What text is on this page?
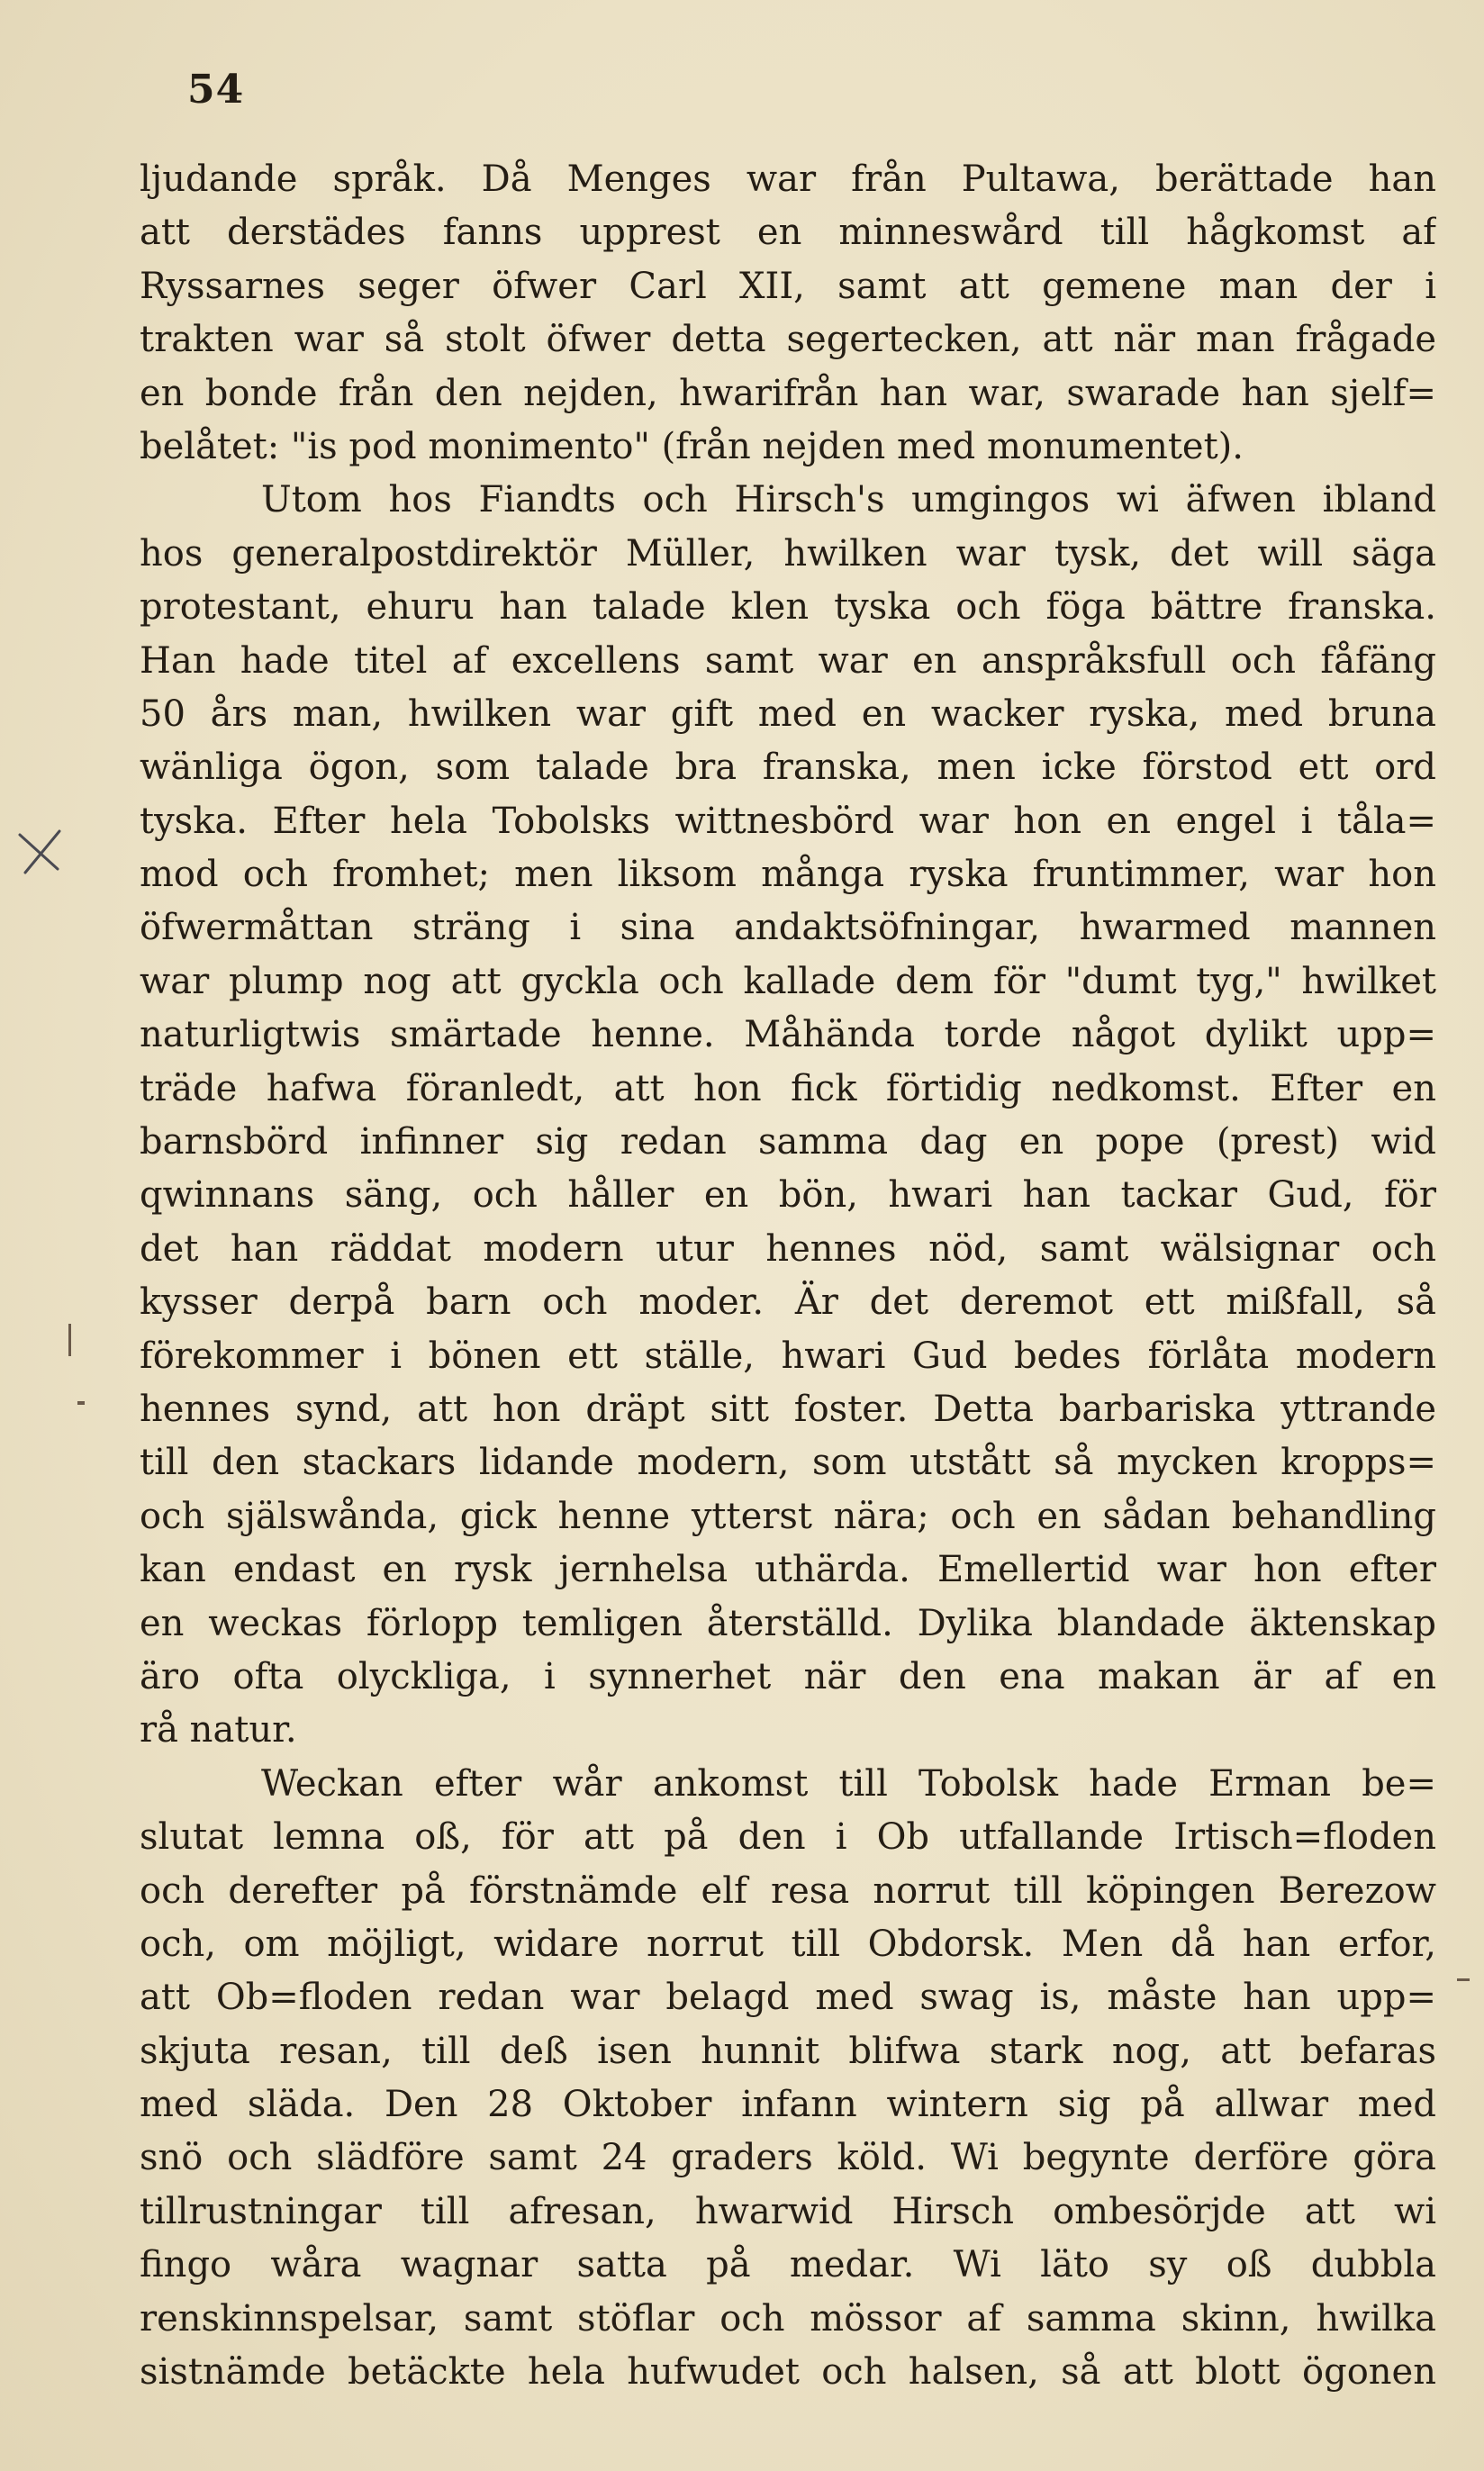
54
ljudande språk. Då Menges war från Pultawa, berättade han
att derstädes fanns upprest en minneswård till hågkomst af
Ryssarnes seger öfwer Carl XII, samt att gemene man der i
trakten war så stolt öfwer detta segertecken, att när man frågade
en bonde från den nejden, hwarifrån han war, swarade han sjelf=
belåtet: "is pod monimento" (från nejden med monumentet).
Utom hos Fiandts och Hirsch's umgingos wi äfwen ibland
hos generalpostdirektör Müller, hwilken war tysk, det will säga
protestant, ehuru han talade klen tyska och föga bättre franska.
Han hade titel af excellens samt war en anspråksfull och fåfäng
50 års man, hwilken war gift med en wacker ryska, med bruna
wänliga ögon, som talade bra franska, men icke förstod ett ord
tyska. Efter hela Tobolsks wittnesbörd war hon en engel i tåla=
mod och fromhet; men liksom många ryska fruntimmer, war hon
öfwermåttan sträng i sina andaktsöfningar, hwarmed mannen
war plump nog att gyckla och kallade dem för "dumt tyg," hwilket
naturligtwis smärtade henne. Måhända torde något dylikt upp=
träde hafwa föranledt, att hon fick förtidig nedkomst. Efter en
barnsbörd infinner sig redan samma dag en pope (prest) wid
qwinnans säng, och håller en bön, hwari han tackar Gud, för
det han räddat modern utur hennes nöd, samt wälsignar och
kysser derpå barn och moder. Är det deremot ett mißfall, så
förekommer i bönen ett ställe, hwari Gud bedes förlåta modern
hennes synd, att hon dräpt sitt foster. Detta barbariska yttrande
till den stackars lidande modern, som utstått så mycken kropps=
och själswånda, gick henne ytterst nära; och en sådan behandling
kan endast en rysk jernhelsa uthärda. Emellertid war hon efter
en weckas förlopp temligen återställd. Dylika blandade äktenskap
äro ofta olyckliga, i synnerhet när den ena makan är af en
rå natur.
Weckan efter wår ankomst till Tobolsk hade Erman be=
slutat lemna oß, för att på den i Ob utfallande Irtisch=floden
och derefter på förstnämde elf resa norrut till köpingen Berezow
och, om möjligt, widare norrut till Obdorsk. Men då han erfor,
att Ob=floden redan war belagd med swag is, måste han upp=
skjuta resan, till deß isen hunnit blifwa stark nog, att befaras
med släda. Den 28 Oktober infann wintern sig på allwar med
snö och slädföre samt 24 graders köld. Wi begynte derföre göra
tillrustningar till afresan, hwarwid Hirsch ombesörjde att wi
fingo wåra wagnar satta på medar. Wi läto sy oß dubbla
renskinnspelsar, samt stöflar och mössor af samma skinn, hwilka
sistnämde betäckte hela hufwudet och halsen, så att blott ögonen
